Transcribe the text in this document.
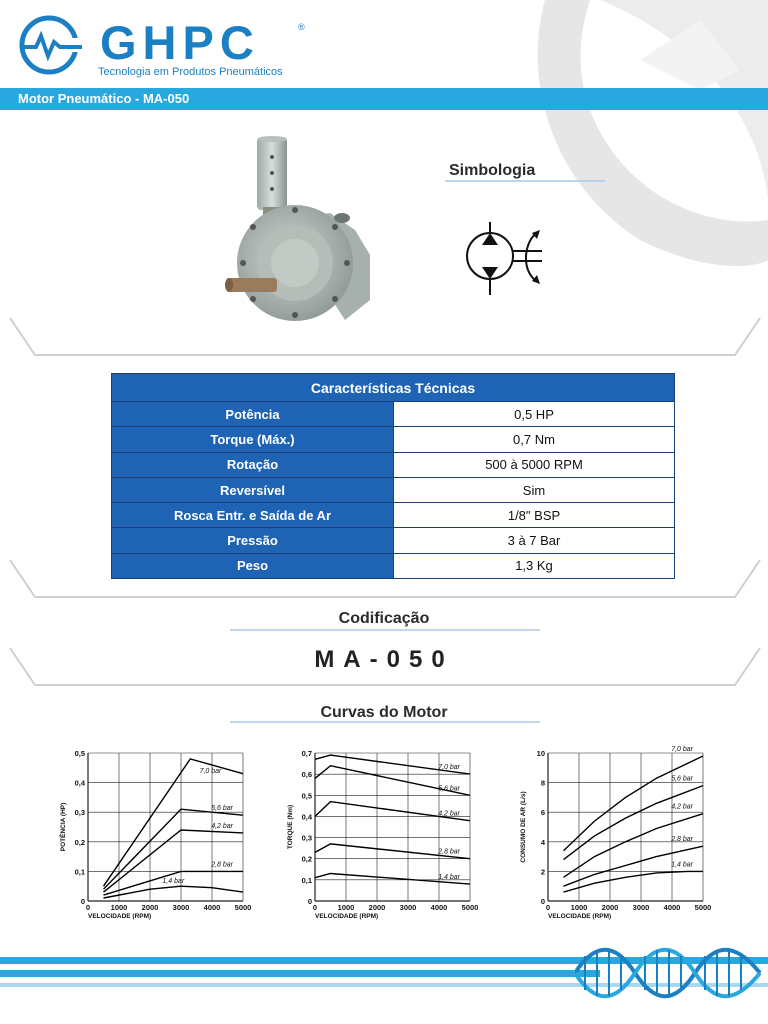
GHPC	®
Tecnologia em Produtos Pneumáticos
Motor Pneumático - MA-050
Simbologia
Características Técnicas	
Potência	0,5 HP
Torque (Máx.)	0,7 Nm
Rotação	500 à 5000 RPM
Reversível	Sim
Rosca Entr. e Saída de Ar	1/8" BSP
Pressão	3 à 7 Bar
Peso	1,3 Kg
Codificação
MA-050
Curvas do Motor
0	1000 2000 3000 4000 5000
0
0,1
0,2
0,3
0,4
0,5
VELOCIDADE (RPM)
POTÊNCIA (HP)
7,0 bar
5,6 bar
4,2 bar
2,8 bar
1,4 bar
0	1000 2000 3000 4000 5000
0
0,1
0,2
0,3
0,4
0,5
0,6
0,7
VELOCIDADE (RPM)
TORQUE (Nm)
7,0 bar
5,6 bar
4,2 bar
2,8 bar
1,4 bar
0	1000 2000 3000 4000 5000
0
2
4
6
8
10
VELOCIDADE (RPM)
CONSUMO DE AR (L/s)
7,0 bar
5,6 bar
4,2 bar
2,8 bar
1,4 bar
